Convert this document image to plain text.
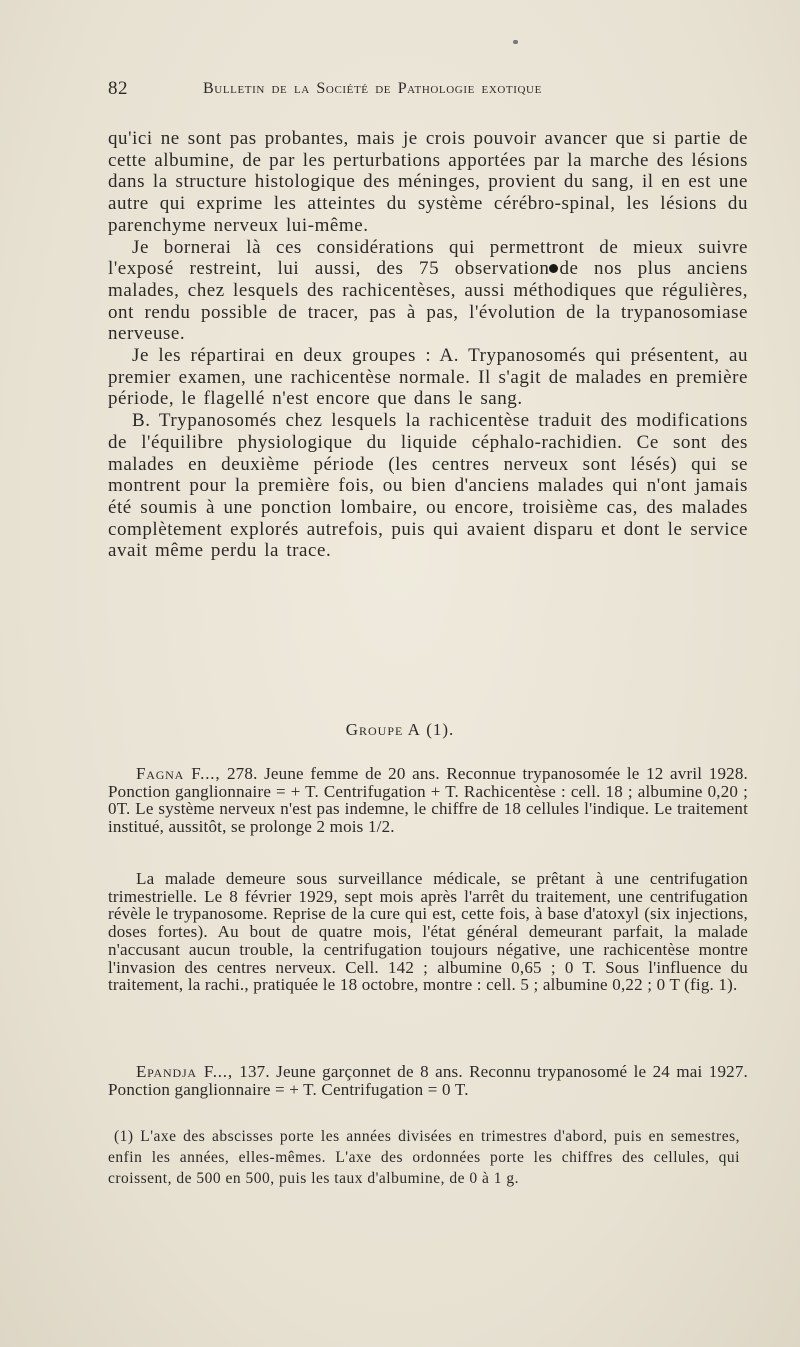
82	Bulletin de la Société de Pathologie exotique

qu'ici ne sont pas probantes, mais je crois pouvoir avancer que si partie de cette albumine, de par les perturbations apportées par la marche des lésions dans la structure histologique des méninges, provient du sang, il en est une autre qui exprime les atteintes du système cérébro-spinal, les lésions du parenchyme nerveux lui-même.

Je bornerai là ces considérations qui permettront de mieux suivre l'exposé restreint, lui aussi, des 75 observation de nos plus anciens malades, chez lesquels des rachicentèses, aussi méthodiques que régulières, ont rendu possible de tracer, pas à pas, l'évolution de la trypanosomiase nerveuse.

Je les répartirai en deux groupes : A. Trypanosomés qui présentent, au premier examen, une rachicentèse normale. Il s'agit de malades en première période, le flagellé n'est encore que dans le sang.

B. Trypanosomés chez lesquels la rachicentèse traduit des modifications de l'équilibre physiologique du liquide céphalo-rachidien. Ce sont des malades en deuxième période (les centres nerveux sont lésés) qui se montrent pour la première fois, ou bien d'anciens malades qui n'ont jamais été soumis à une ponction lombaire, ou encore, troisième cas, des malades complètement explorés autrefois, puis qui avaient disparu et dont le service avait même perdu la trace.

Groupe A (1).

Fagna F..., 278. Jeune femme de 20 ans. Reconnue trypanosomée le 12 avril 1928. Ponction ganglionnaire = + T. Centrifugation + T. Rachicentèse : cell. 18 ; albumine 0,20 ; 0T. Le système nerveux n'est pas indemne, le chiffre de 18 cellules l'indique. Le traitement institué, aussitôt, se prolonge 2 mois 1/2.

La malade demeure sous surveillance médicale, se prêtant à une centrifugation trimestrielle. Le 8 février 1929, sept mois après l'arrêt du traitement, une centrifugation révèle le trypanosome. Reprise de la cure qui est, cette fois, à base d'atoxyl (six injections, doses fortes). Au bout de quatre mois, l'état général demeurant parfait, la malade n'accusant aucun trouble, la centrifugation toujours négative, une rachicentèse montre l'invasion des centres nerveux. Cell. 142 ; albumine 0,65 ; 0 T. Sous l'influence du traitement, la rachi., pratiquée le 18 octobre, montre : cell. 5 ; albumine 0,22 ; 0 T (fig. 1).

Epandja F..., 137. Jeune garçonnet de 8 ans. Reconnu trypanosomé le 24 mai 1927. Ponction ganglionnaire = + T. Centrifugation = 0 T.

(1) L'axe des abscisses porte les années divisées en trimestres d'abord, puis en semestres, enfin les années, elles-mêmes. L'axe des ordonnées porte les chiffres des cellules, qui croissent, de 500 en 500, puis les taux d'albumine, de 0 à 1 g.
